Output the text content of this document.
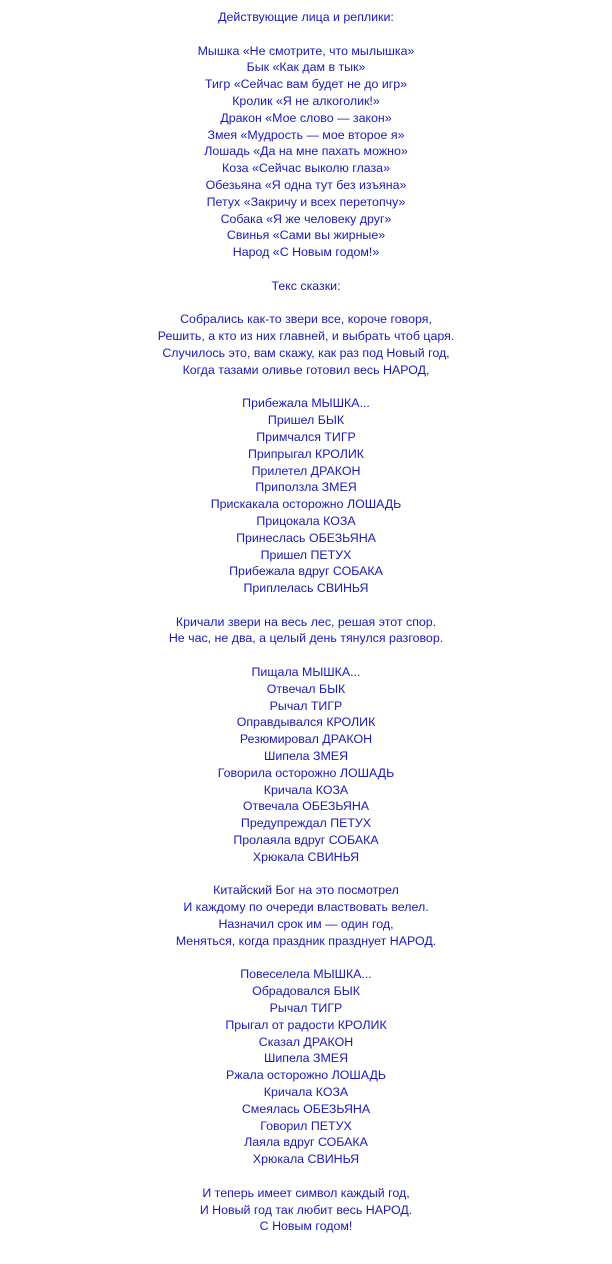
Действующие лица и реплики:
Мышка «Не смотрите, что мылышка»
Бык «Как дам в тык»
Тигр «Сейчас вам будет не до игр»
Кролик «Я не алкоголик!»
Дракон «Мое слово — закон»
Змея «Мудрость — мое второе я»
Лошадь «Да на мне пахать можно»
Коза «Сейчас выколю глаза»
Обезьяна «Я одна тут без изъяна»
Петух «Закричу и всех перетопчу»
Собака «Я же человеку друг»
Свинья «Сами вы жирные»
Народ «С Новым годом!»
Текс сказки:
Собрались как-то звери все, короче говоря,
Решить, а кто из них главней, и выбрать чтоб царя.
Случилось это, вам скажу, как раз под Новый год,
Когда тазами оливье готовил весь НАРОД,
Прибежала МЫШКА...
Пришел БЫК
Примчался ТИГР
Припрыгал КРОЛИК
Прилетел ДРАКОН
Приползла ЗМЕЯ
Прискакала осторожно ЛОШАДЬ
Прицокала КОЗА
Принеслась ОБЕЗЬЯНА
Пришел ПЕТУХ
Прибежала вдруг СОБАКА
Приплелась СВИНЬЯ
Кричали звери на весь лес, решая этот спор.
Не час, не два, а целый день тянулся разговор.
Пищала МЫШКА...
Отвечал БЫК
Рычал ТИГР
Оправдывался КРОЛИК
Резюмировал ДРАКОН
Шипела ЗМЕЯ
Говорила осторожно ЛОШАДЬ
Кричала КОЗА
Отвечала ОБЕЗЬЯНА
Предупреждал ПЕТУХ
Пролаяла вдруг СОБАКА
Хрюкала СВИНЬЯ
Китайский Бог на это посмотрел
И каждому по очереди властвовать велел.
Назначил срок им — один год,
Меняться, когда праздник празднует НАРОД.
Повеселела МЫШКА...
Обрадовался БЫК
Рычал ТИГР
Прыгал от радости КРОЛИК
Сказал ДРАКОН
Шипела ЗМЕЯ
Ржала осторожно ЛОШАДЬ
Кричала КОЗА
Смеялась ОБЕЗЬЯНА
Говорил ПЕТУХ
Лаяла вдруг СОБАКА
Хрюкала СВИНЬЯ
И теперь имеет символ каждый год,
И Новый год так любит весь НАРОД.
С Новым годом!
